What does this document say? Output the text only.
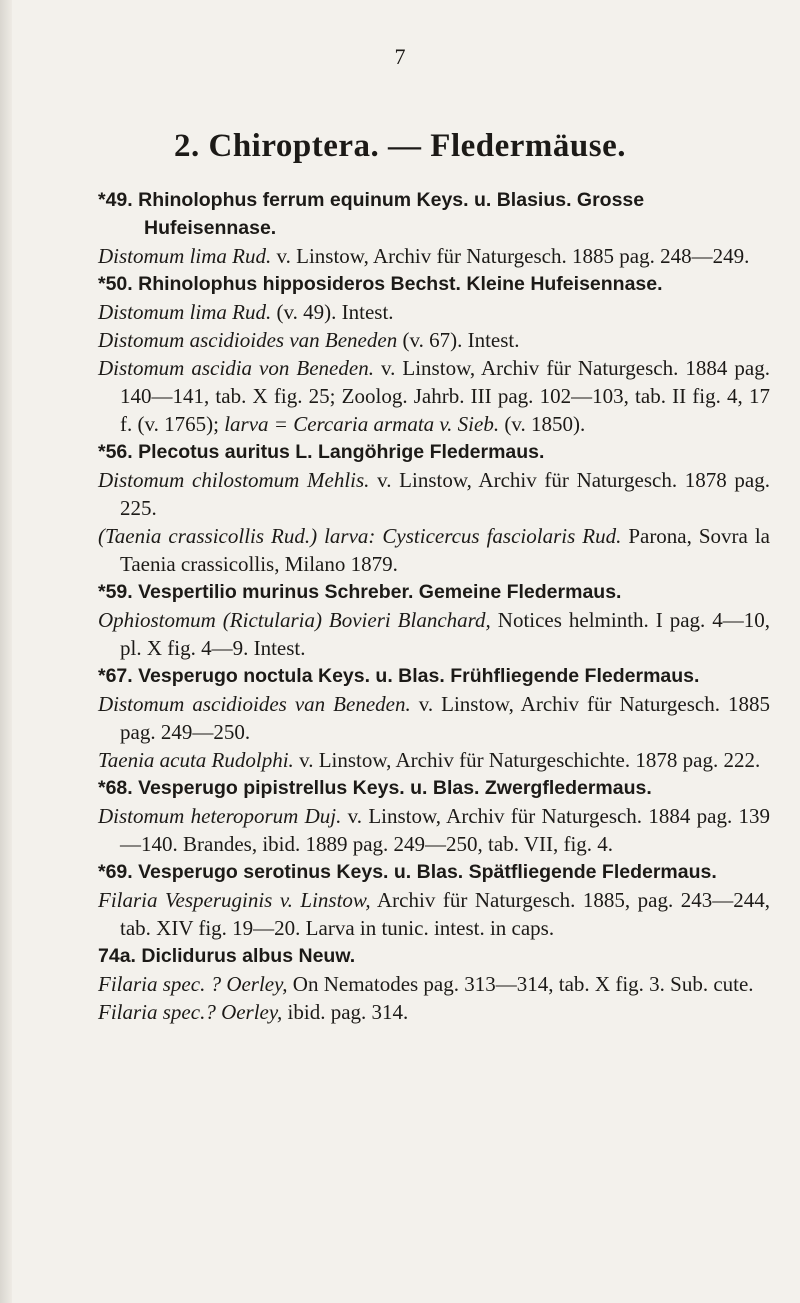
7
2. Chiroptera. — Fledermäuse.
*49. Rhinolophus ferrum equinum Keys. u. Blasius. Grosse Hufeisennase.
Distomum lima Rud. v. Linstow, Archiv für Naturgesch. 1885 pag. 248—249.
*50. Rhinolophus hipposideros Bechst. Kleine Hufeisennase.
Distomum lima Rud. (v. 49). Intest.
Distomum ascidioides van Beneden (v. 67). Intest.
Distomum ascidia von Beneden. v. Linstow, Archiv für Naturgesch. 1884 pag. 140—141, tab. X fig. 25; Zoolog. Jahrb. III pag. 102—103, tab. II fig. 4, 17 f. (v. 1765); larva = Cercaria armata v. Sieb. (v. 1850).
*56. Plecotus auritus L. Langöhrige Fledermaus.
Distomum chilostomum Mehlis. v. Linstow, Archiv für Naturgesch. 1878 pag. 225.
(Taenia crassicollis Rud.) larva: Cysticercus fasciolaris Rud. Parona, Sovra la Taenia crassicollis, Milano 1879.
*59. Vespertilio murinus Schreber. Gemeine Fledermaus.
Ophiostomum (Rictularia) Bovieri Blanchard, Notices helminth. I pag. 4—10, pl. X fig. 4—9. Intest.
*67. Vesperugo noctula Keys. u. Blas. Frühfliegende Fledermaus.
Distomum ascidioides van Beneden. v. Linstow, Archiv für Naturgesch. 1885 pag. 249—250.
Taenia acuta Rudolphi. v. Linstow, Archiv für Naturgeschichte. 1878 pag. 222.
*68. Vesperugo pipistrellus Keys. u. Blas. Zwergfledermaus.
Distomum heteroporum Duj. v. Linstow, Archiv für Naturgesch. 1884 pag. 139—140. Brandes, ibid. 1889 pag. 249—250, tab. VII, fig. 4.
*69. Vesperugo serotinus Keys. u. Blas. Spätfliegende Fledermaus.
Filaria Vesperuginis v. Linstow, Archiv für Naturgesch. 1885, pag. 243—244, tab. XIV fig. 19—20. Larva in tunic. intest. in caps.
74a. Diclidurus albus Neuw.
Filaria spec. ? Oerley, On Nematodes pag. 313—314, tab. X fig. 3. Sub. cute.
Filaria spec.? Oerley, ibid. pag. 314.
